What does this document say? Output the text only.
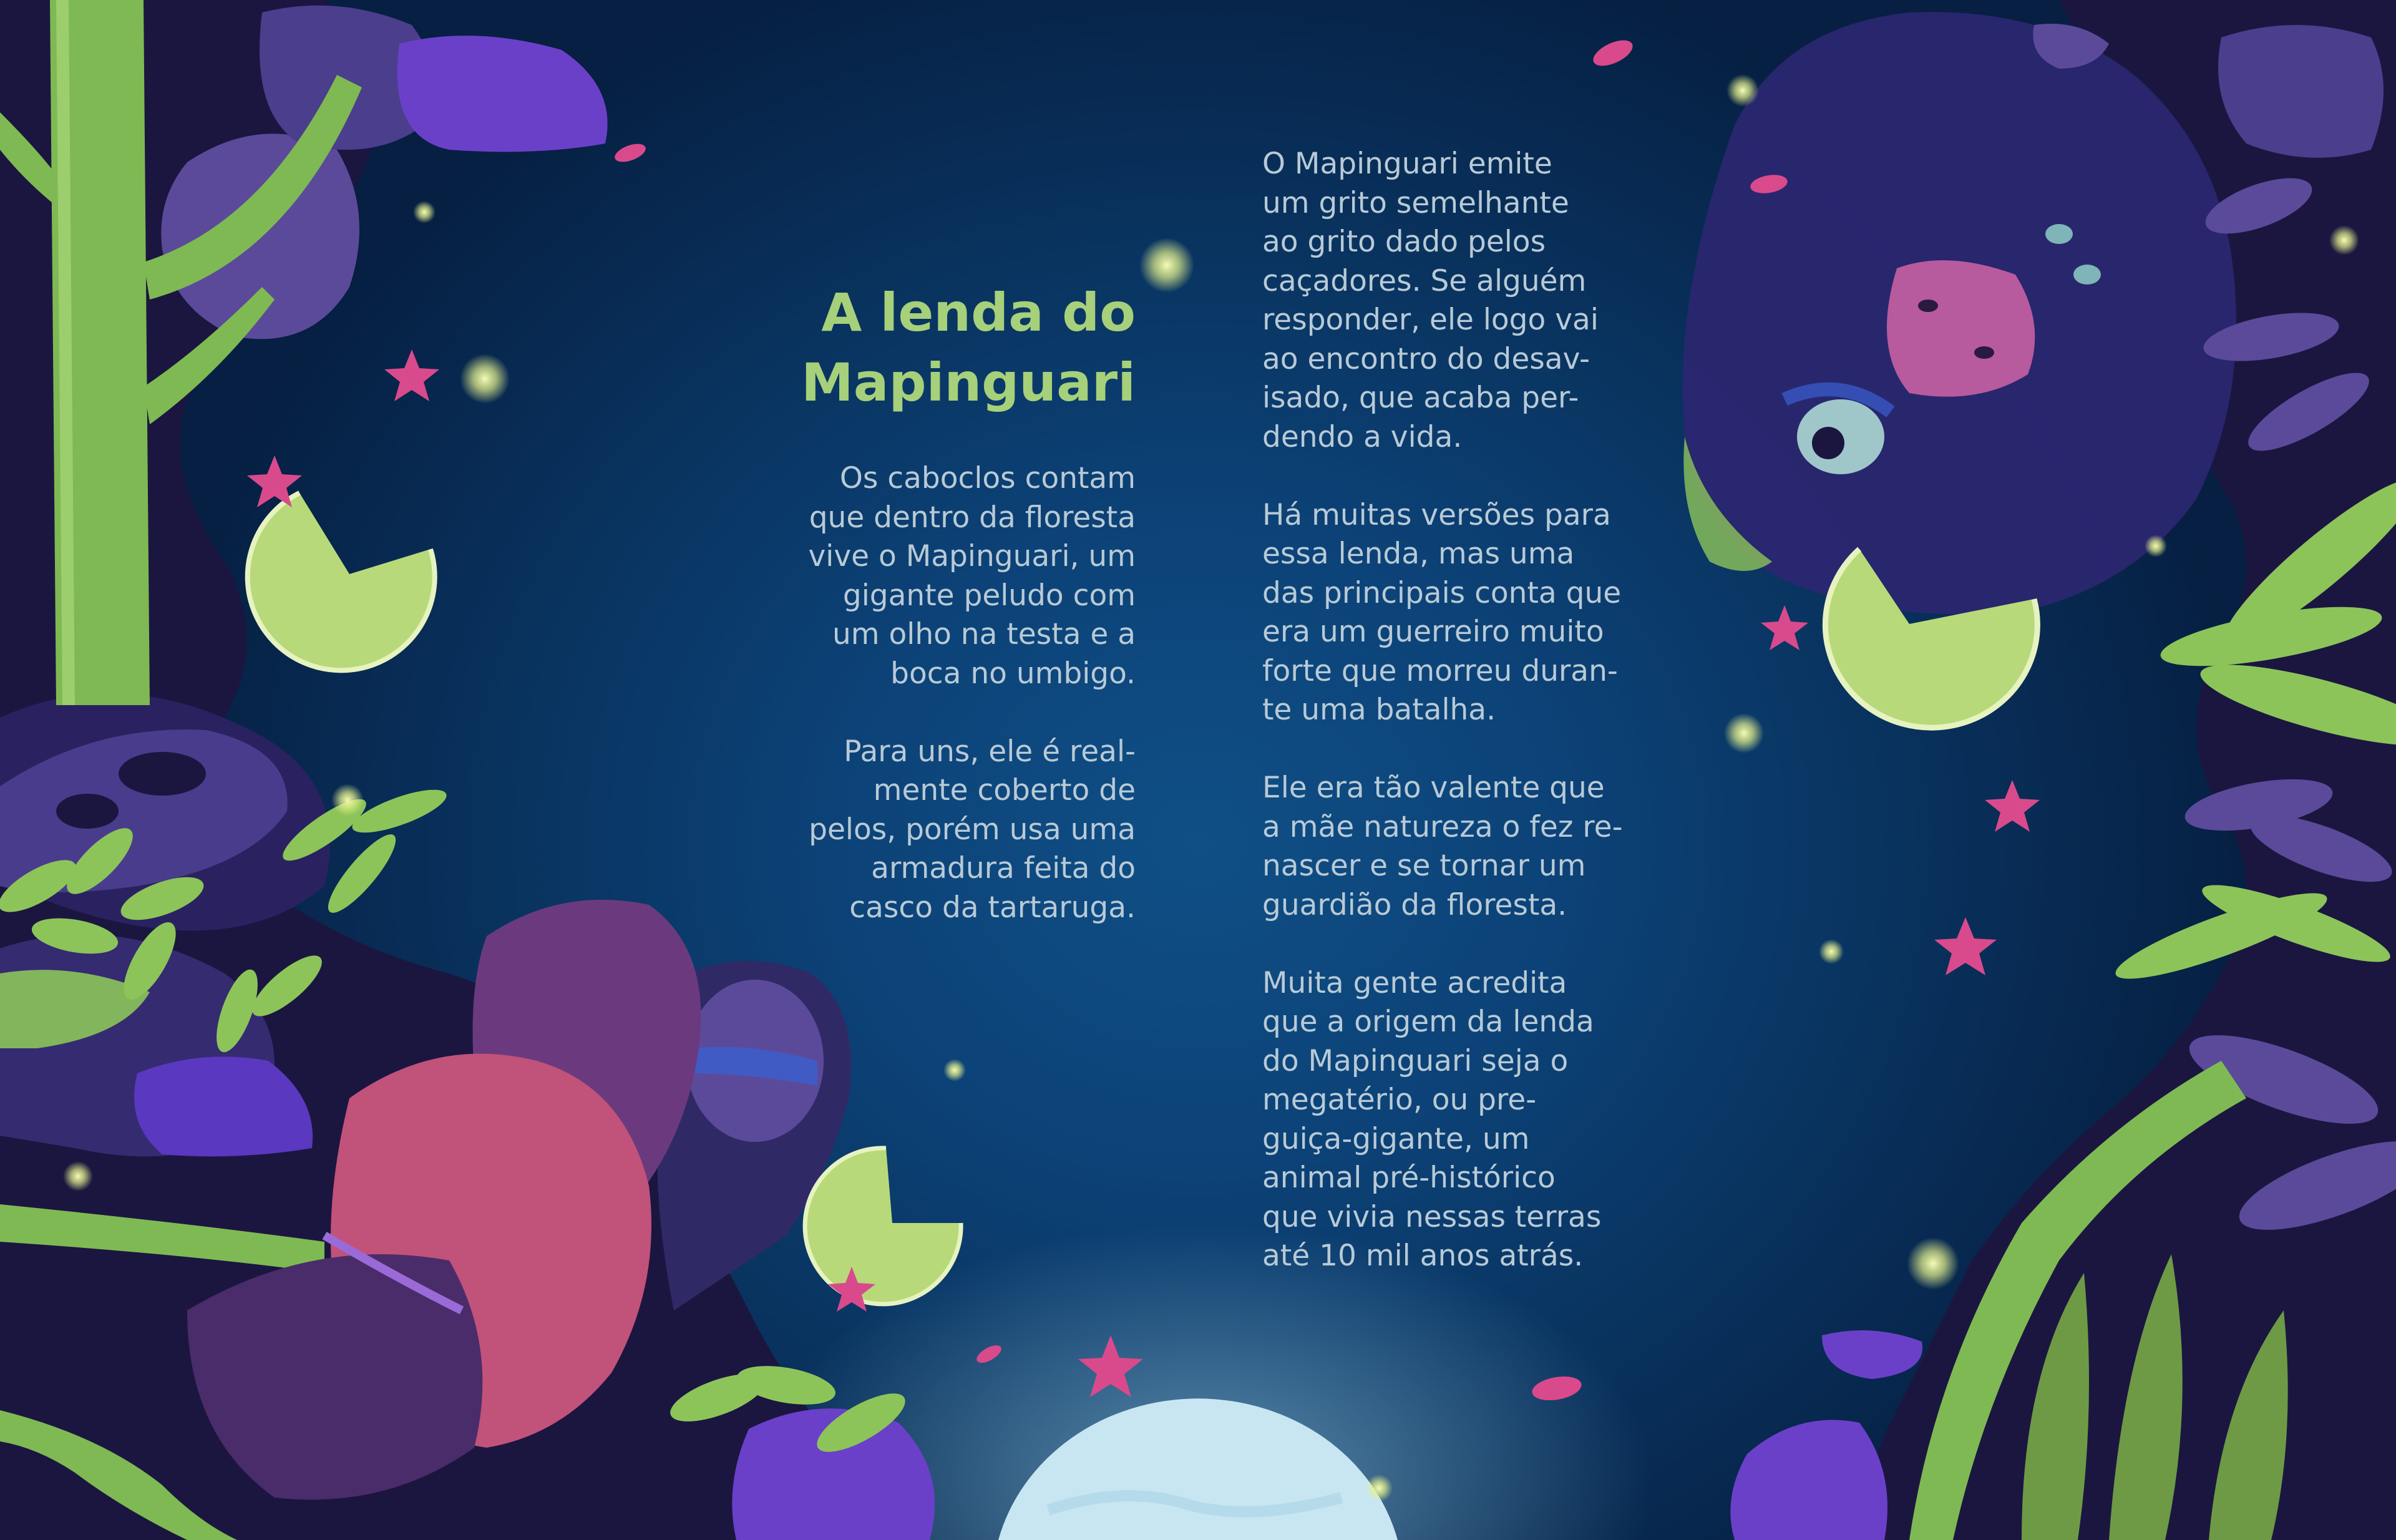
A lenda do
Mapinguari

Os caboclos contam
que dentro da floresta
vive o Mapinguari, um
gigante peludo com
um olho na testa e a
boca no umbigo.

Para uns, ele é real-
mente coberto de
pelos, porém usa uma
armadura feita do
casco da tartaruga.

O Mapinguari emite
um grito semelhante
ao grito dado pelos
caçadores. Se alguém
responder, ele logo vai
ao encontro do desav-
isado, que acaba per-
dendo a vida.

Há muitas versões para
essa lenda, mas uma
das principais conta que
era um guerreiro muito
forte que morreu duran-
te uma batalha.

Ele era tão valente que
a mãe natureza o fez re-
nascer e se tornar um
guardião da floresta.

Muita gente acredita
que a origem da lenda
do Mapinguari seja o
megatério, ou pre-
guiça-gigante, um
animal pré-histórico
que vivia nessas terras
até 10 mil anos atrás.
